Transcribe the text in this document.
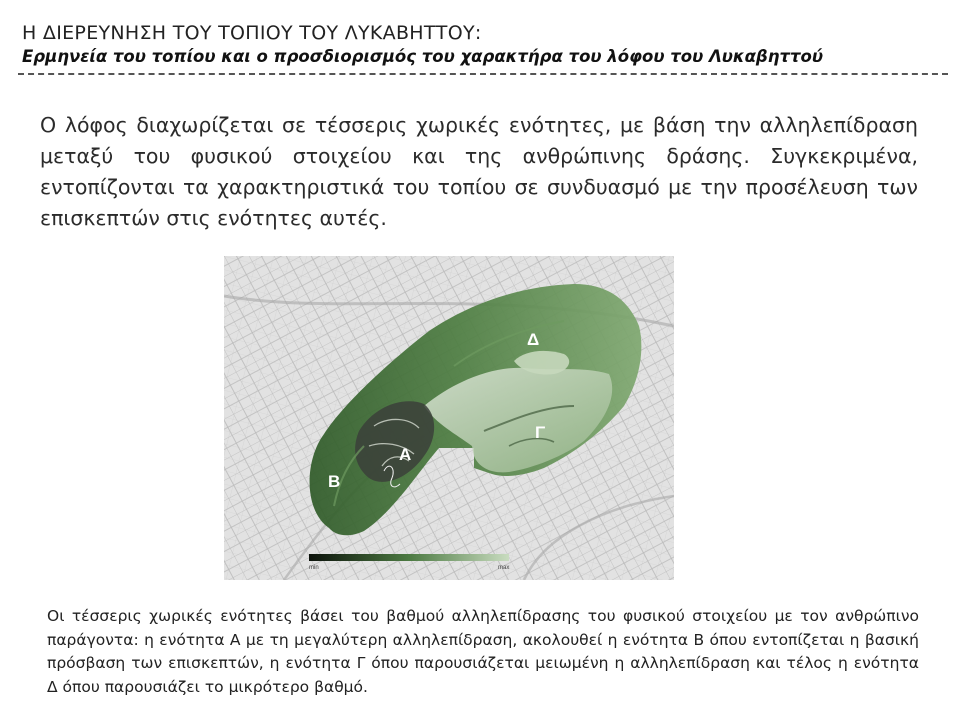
Η ΔΙΕΡΕΥΝΗΣΗ ΤΟΥ ΤΟΠΙΟΥ ΤΟΥ ΛΥΚΑΒΗΤΤΟΥ:
Ερμηνεία του τοπίου και ο προσδιορισμός του χαρακτήρα του λόφου του Λυκαβηττού
Ο λόφος διαχωρίζεται σε τέσσερις χωρικές ενότητες, με βάση την αλληλεπίδραση μεταξύ του φυσικού στοιχείου και της ανθρώπινης δράσης. Συγκεκριμένα, εντοπίζονται τα χαρακτηριστικά του τοπίου σε συνδυασμό με την προσέλευση των επισκεπτών στις ενότητες αυτές.
Α
Β
Γ
Δ
min	max
Οι τέσσερις χωρικές ενότητες βάσει του βαθμού αλληλεπίδρασης του φυσικού στοιχείου με τον ανθρώπινο παράγοντα: η ενότητα Α με τη μεγαλύτερη αλληλεπίδραση, ακολουθεί η ενότητα Β όπου εντοπίζεται η βασική πρόσβαση των επισκεπτών, η ενότητα Γ όπου παρουσιάζεται μειωμένη η αλληλεπίδραση και τέλος η ενότητα Δ όπου παρουσιάζει το μικρότερο βαθμό.
